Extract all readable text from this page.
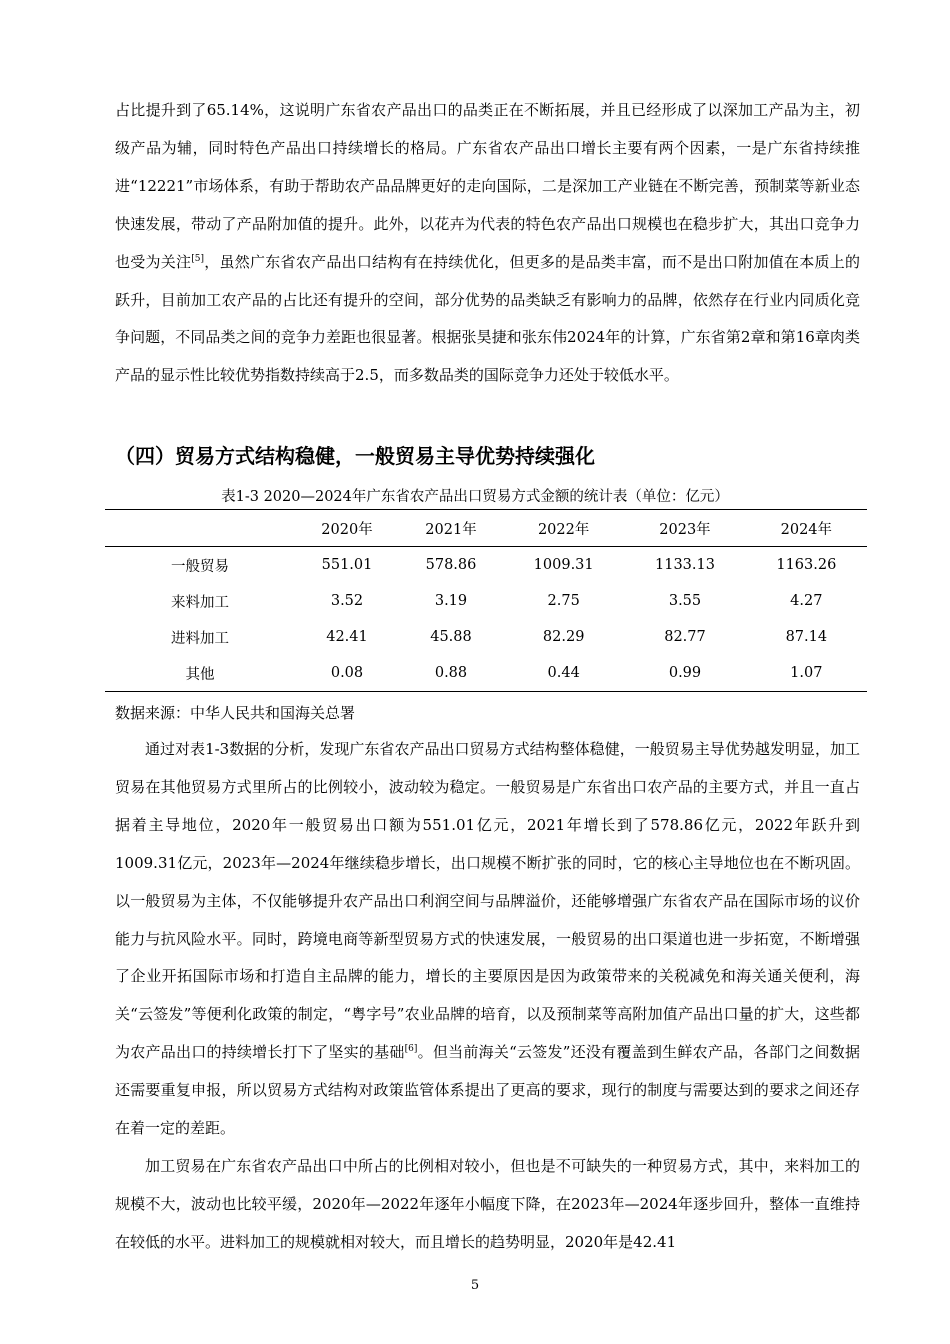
占比提升到了65.14%，这说明广东省农产品出口的品类正在不断拓展，并且已经形成了以深加工产品为主，初级产品为辅，同时特色产品出口持续增长的格局。广东省农产品出口增长主要有两个因素，一是广东省持续推进“12221”市场体系，有助于帮助农产品品牌更好的走向国际，二是深加工产业链在不断完善，预制菜等新业态快速发展，带动了产品附加值的提升。此外，以花卉为代表的特色农产品出口规模也在稳步扩大，其出口竞争力也受为关注[5]，虽然广东省农产品出口结构有在持续优化，但更多的是品类丰富，而不是出口附加值在本质上的跃升，目前加工农产品的占比还有提升的空间，部分优势的品类缺乏有影响力的品牌，依然存在行业内同质化竞争问题，不同品类之间的竞争力差距也很显著。根据张昊捷和张东伟2024年的计算，广东省第2章和第16章肉类产品的显示性比较优势指数持续高于2.5，而多数品类的国际竞争力还处于较低水平。

（四）贸易方式结构稳健，一般贸易主导优势持续强化

表1-3 2020—2024年广东省农产品出口贸易方式金额的统计表（单位：亿元）

	2020年	2021年	2022年	2023年	2024年
一般贸易	551.01	578.86	1009.31	1133.13	1163.26
来料加工	3.52	3.19	2.75	3.55	4.27
进料加工	42.41	45.88	82.29	82.77	87.14
其他	0.08	0.88	0.44	0.99	1.07

数据来源：中华人民共和国海关总署

通过对表1-3数据的分析，发现广东省农产品出口贸易方式结构整体稳健，一般贸易主导优势越发明显，加工贸易在其他贸易方式里所占的比例较小，波动较为稳定。一般贸易是广东省出口农产品的主要方式，并且一直占据着主导地位，2020年一般贸易出口额为551.01亿元，2021年增长到了578.86亿元，2022年跃升到1009.31亿元，2023年—2024年继续稳步增长，出口规模不断扩张的同时，它的核心主导地位也在不断巩固。以一般贸易为主体，不仅能够提升农产品出口利润空间与品牌溢价，还能够增强广东省农产品在国际市场的议价能力与抗风险水平。同时，跨境电商等新型贸易方式的快速发展，一般贸易的出口渠道也进一步拓宽，不断增强了企业开拓国际市场和打造自主品牌的能力，增长的主要原因是因为政策带来的关税减免和海关通关便利，海关“云签发”等便利化政策的制定，“粤字号”农业品牌的培育，以及预制菜等高附加值产品出口量的扩大，这些都为农产品出口的持续增长打下了坚实的基础[6]。但当前海关“云签发”还没有覆盖到生鲜农产品，各部门之间数据还需要重复申报，所以贸易方式结构对政策监管体系提出了更高的要求，现行的制度与需要达到的要求之间还存在着一定的差距。

加工贸易在广东省农产品出口中所占的比例相对较小，但也是不可缺失的一种贸易方式，其中，来料加工的规模不大，波动也比较平缓，2020年—2022年逐年小幅度下降，在2023年—2024年逐步回升，整体一直维持在较低的水平。进料加工的规模就相对较大，而且增长的趋势明显，2020年是42.41

5
